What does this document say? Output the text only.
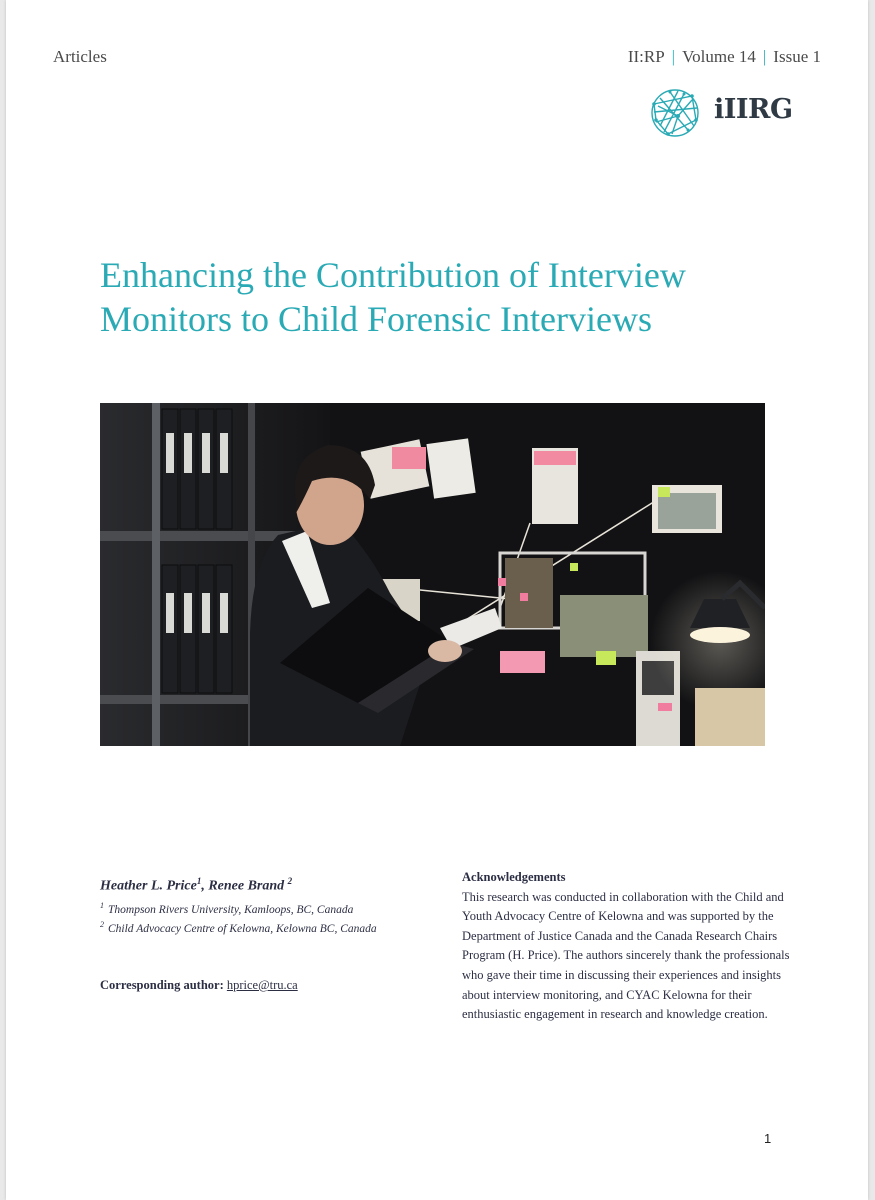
Articles	II:RP | Volume 14 | Issue 1
iIIRG
Enhancing the Contribution of Interview Monitors to Child Forensic Interviews
Heather L. Price$^1$, Renee Brand $^2$
$^1$ Thompson Rivers University, Kamloops, BC, Canada
$^2$ Child Advocacy Centre of Kelowna, Kelowna BC, Canada
Corresponding author: hprice@tru.ca
Acknowledgements
This research was conducted in collaboration with the Child and Youth Advocacy Centre of Kelowna and was supported by the Department of Justice Canada and the Canada Research Chairs Program (H. Price). The authors sincerely thank the professionals who gave their time in discussing their experiences and insights about interview monitoring, and CYAC Kelowna for their enthusiastic engagement in research and knowledge creation.
1
